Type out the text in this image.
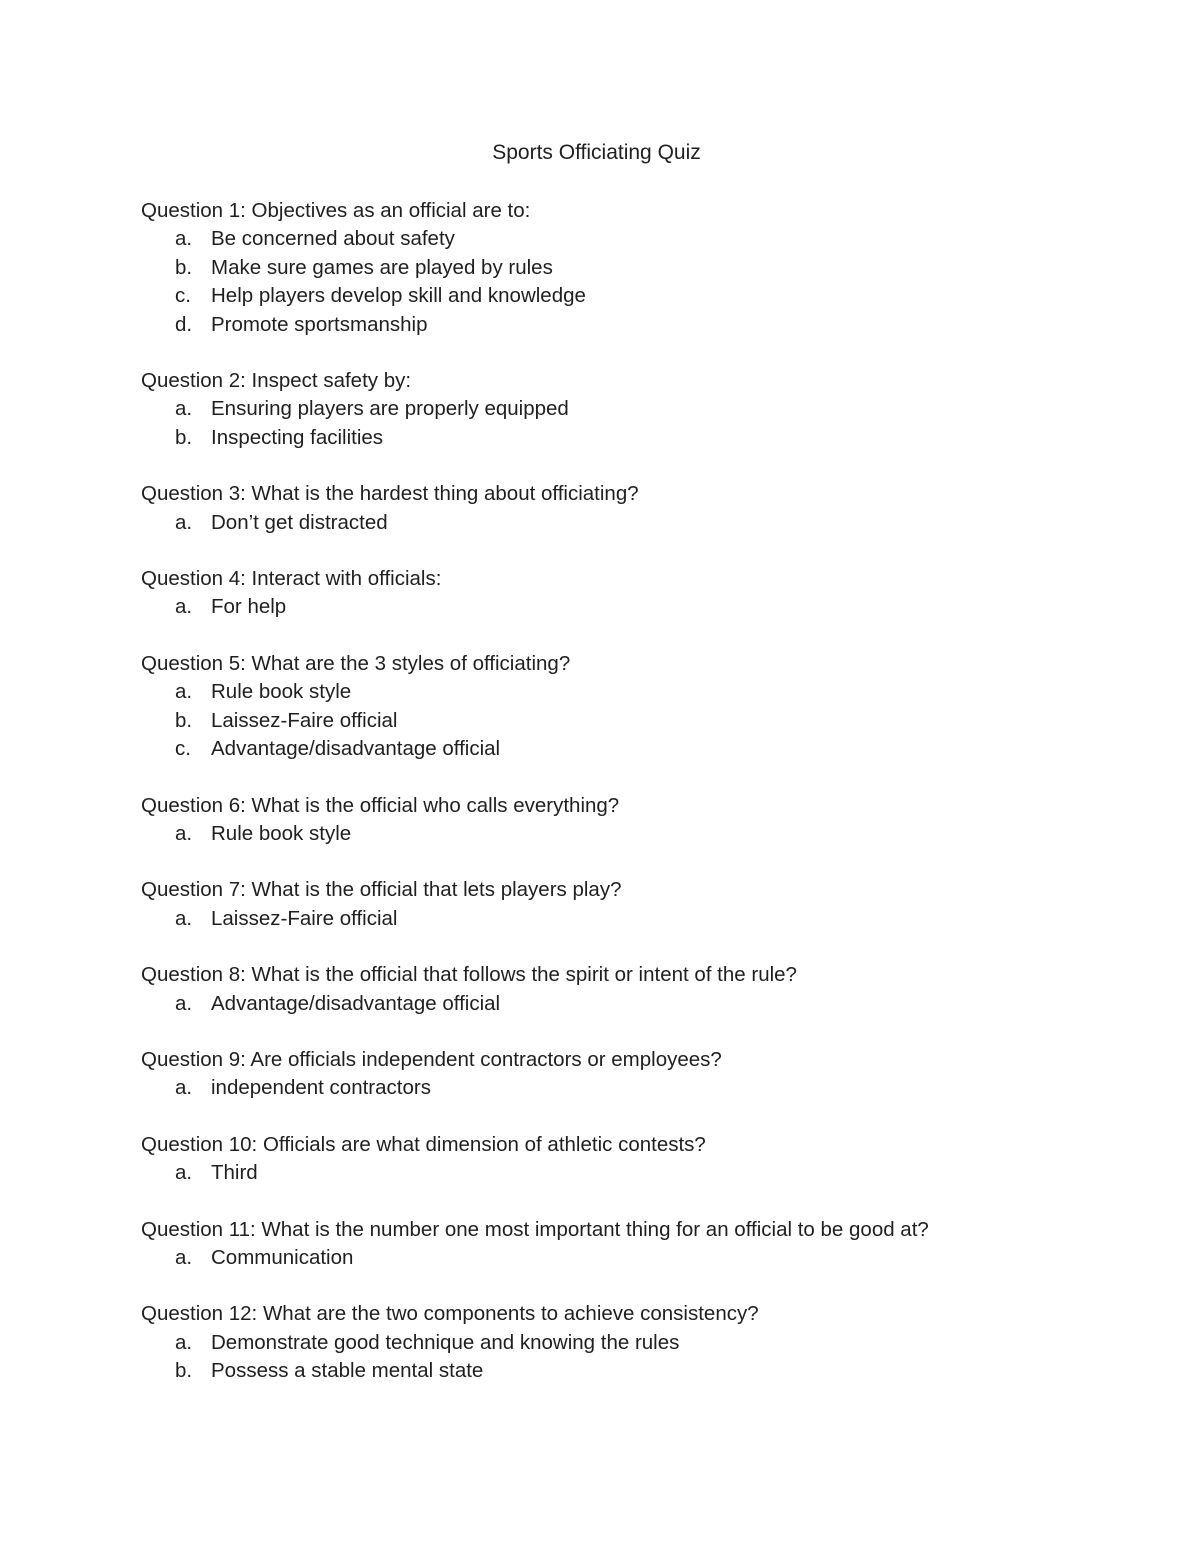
Sports Officiating Quiz
Question 1: Objectives as an official are to:
a. Be concerned about safety
b. Make sure games are played by rules
c. Help players develop skill and knowledge
d. Promote sportsmanship
Question 2: Inspect safety by:
a. Ensuring players are properly equipped
b. Inspecting facilities
Question 3: What is the hardest thing about officiating?
a. Don’t get distracted
Question 4: Interact with officials:
a. For help
Question 5: What are the 3 styles of officiating?
a. Rule book style
b. Laissez-Faire official
c. Advantage/disadvantage official
Question 6: What is the official who calls everything?
a. Rule book style
Question 7: What is the official that lets players play?
a. Laissez-Faire official
Question 8: What is the official that follows the spirit or intent of the rule?
a. Advantage/disadvantage official
Question 9: Are officials independent contractors or employees?
a. independent contractors
Question 10: Officials are what dimension of athletic contests?
a. Third
Question 11: What is the number one most important thing for an official to be good at?
a. Communication
Question 12: What are the two components to achieve consistency?
a. Demonstrate good technique and knowing the rules
b. Possess a stable mental state
